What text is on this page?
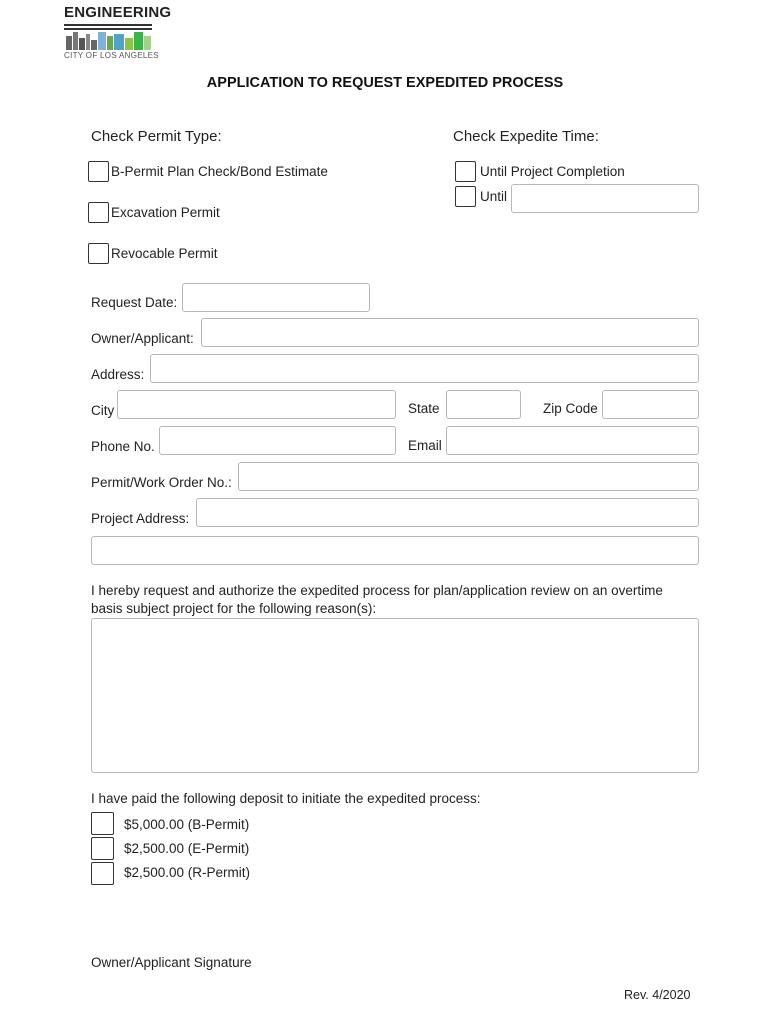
ENGINEERING
CITY OF LOS ANGELES
APPLICATION TO REQUEST EXPEDITED PROCESS
Check Permit Type:
B-Permit Plan Check/Bond Estimate
Excavation Permit
Revocable Permit
Check Expedite Time:
Until Project Completion
Until
Request Date:
Owner/Applicant:
Address:
City	State	Zip Code
Phone No.	Email
Permit/Work Order No.:
Project Address:
I hereby request and authorize the expedited process for plan/application review on an overtime
basis subject project for the following reason(s):
I have paid the following deposit to initiate the expedited process:
$5,000.00 (B-Permit)
$2,500.00 (E-Permit)
$2,500.00 (R-Permit)
Owner/Applicant Signature
Rev. 4/2020
